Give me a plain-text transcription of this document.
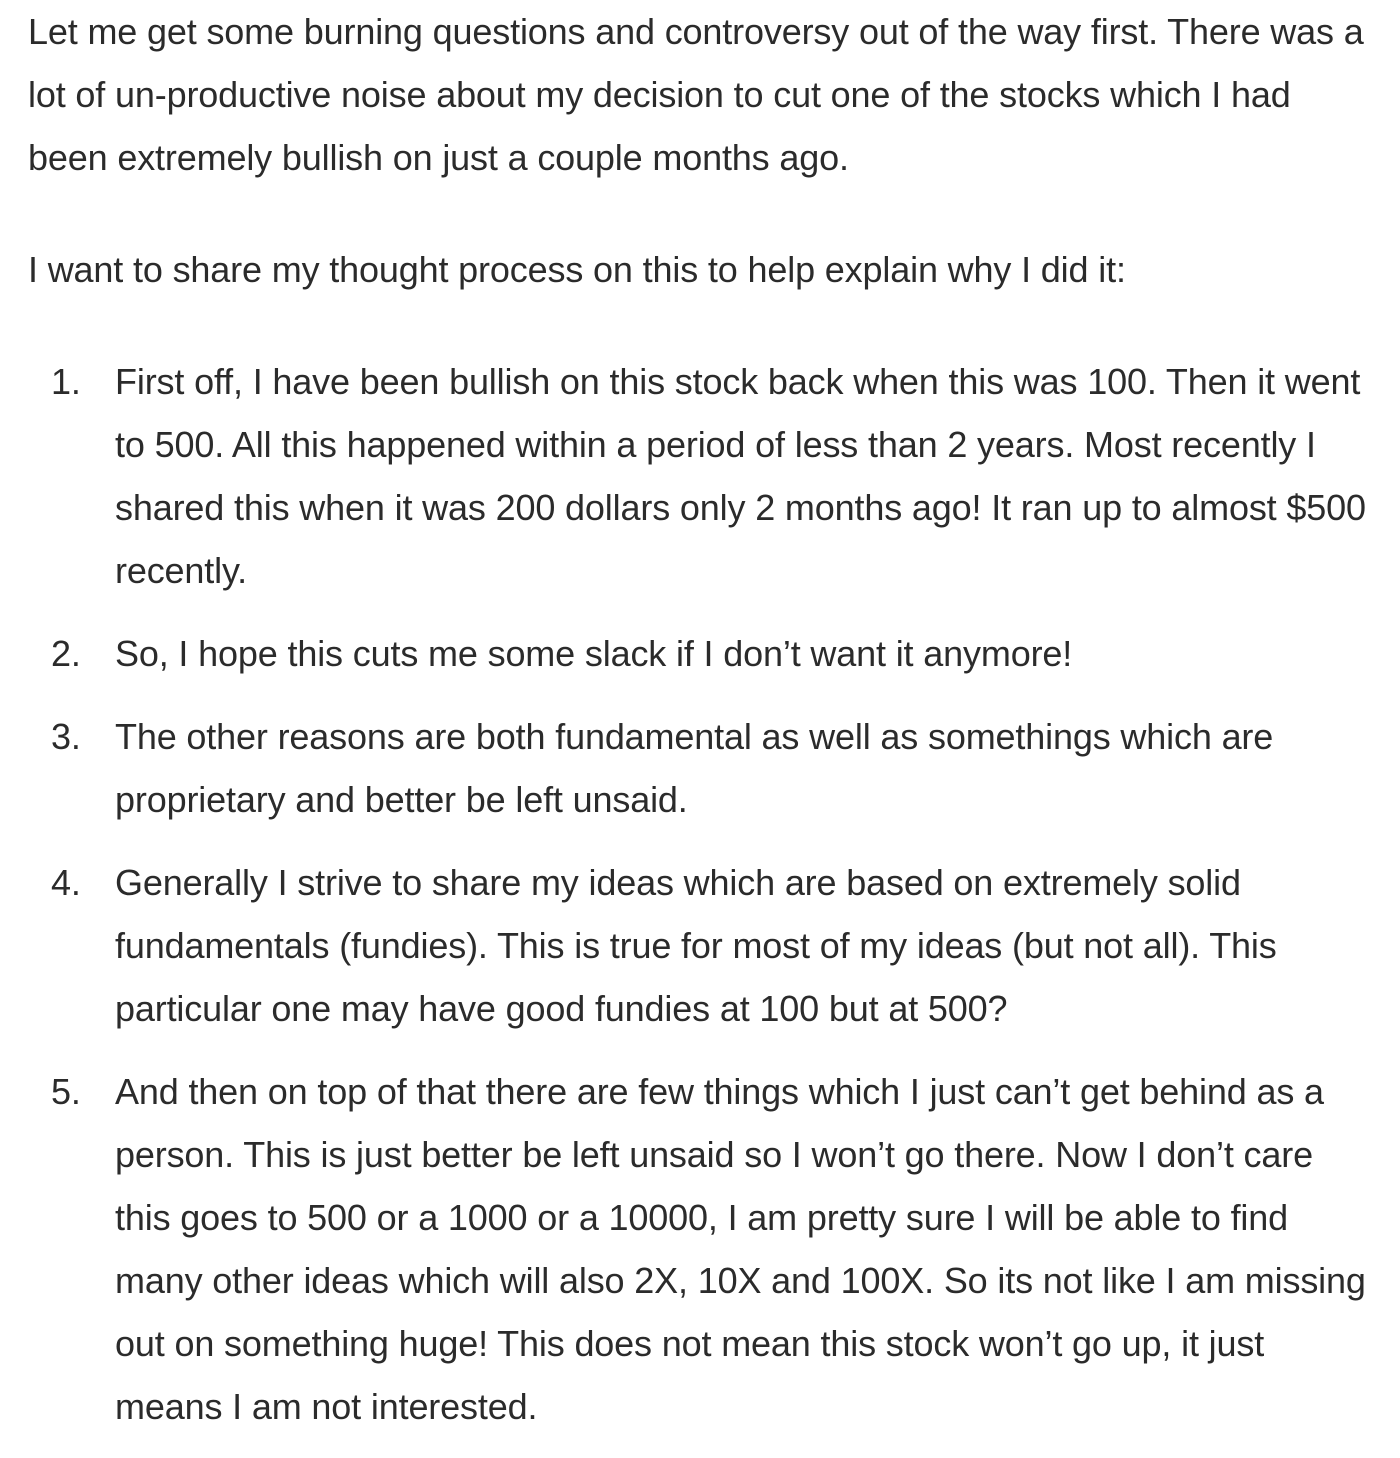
Let me get some burning questions and controversy out of the way first. There was a lot of un-productive noise about my decision to cut one of the stocks which I had been extremely bullish on just a couple months ago.

I want to share my thought process on this to help explain why I did it:

1. First off, I have been bullish on this stock back when this was 100. Then it went to 500. All this happened within a period of less than 2 years. Most recently I shared this when it was 200 dollars only 2 months ago! It ran up to almost $500 recently.
2. So, I hope this cuts me some slack if I don’t want it anymore!
3. The other reasons are both fundamental as well as somethings which are proprietary and better be left unsaid.
4. Generally I strive to share my ideas which are based on extremely solid fundamentals (fundies). This is true for most of my ideas (but not all). This particular one may have good fundies at 100 but at 500?
5. And then on top of that there are few things which I just can’t get behind as a person. This is just better be left unsaid so I won’t go there. Now I don’t care this goes to 500 or a 1000 or a 10000, I am pretty sure I will be able to find many other ideas which will also 2X, 10X and 100X. So its not like I am missing out on something huge! This does not mean this stock won’t go up, it just means I am not interested.
